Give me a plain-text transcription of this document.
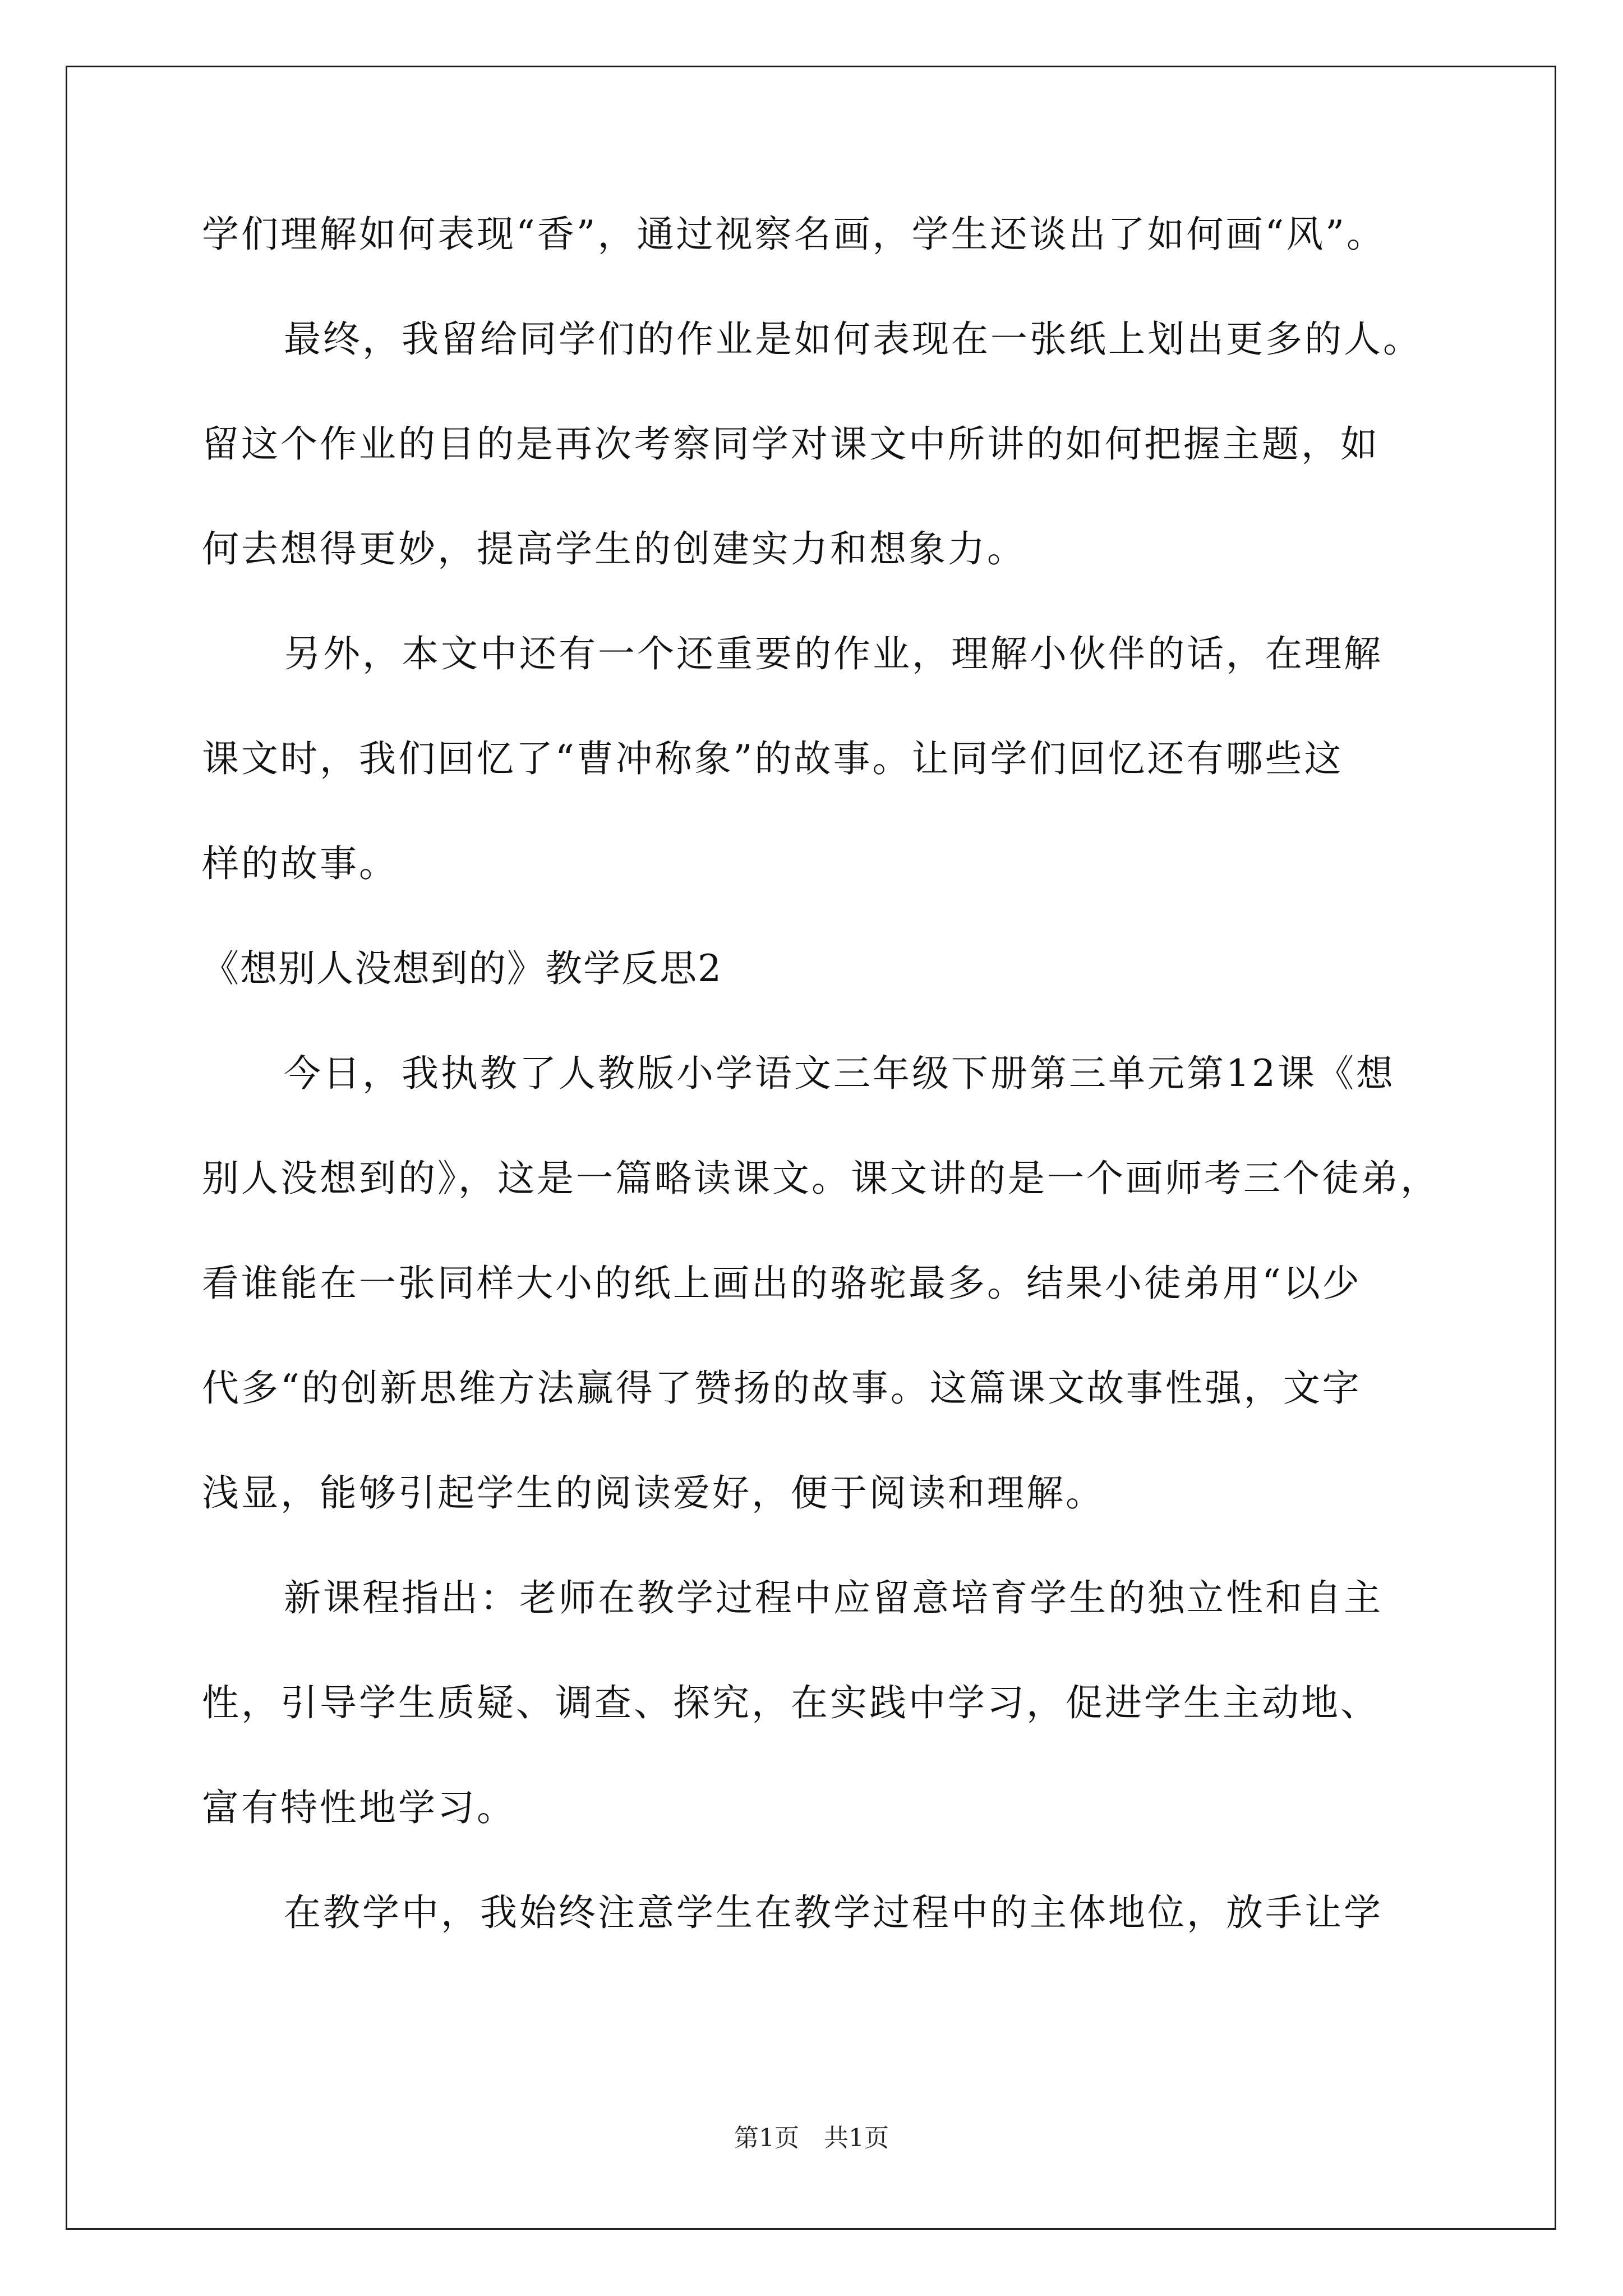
学们理解如何表现“香”，通过视察名画，学生还谈出了如何画“风”。
最终，我留给同学们的作业是如何表现在一张纸上划出更多的人。
留这个作业的目的是再次考察同学对课文中所讲的如何把握主题，如
何去想得更妙，提高学生的创建实力和想象力。
另外，本文中还有一个还重要的作业，理解小伙伴的话，在理解
课文时，我们回忆了“曹冲称象”的故事。让同学们回忆还有哪些这
样的故事。
《想别人没想到的》教学反思2
今日，我执教了人教版小学语文三年级下册第三单元第12课《想
别人没想到的》，这是一篇略读课文。课文讲的是一个画师考三个徒弟，
看谁能在一张同样大小的纸上画出的骆驼最多。结果小徒弟用“以少
代多“的创新思维方法赢得了赞扬的故事。这篇课文故事性强，文字
浅显，能够引起学生的阅读爱好，便于阅读和理解。
新课程指出：老师在教学过程中应留意培育学生的独立性和自主
性，引导学生质疑、调查、探究，在实践中学习，促进学生主动地、
富有特性地学习。
在教学中，我始终注意学生在教学过程中的主体地位，放手让学
第1页　共1页
